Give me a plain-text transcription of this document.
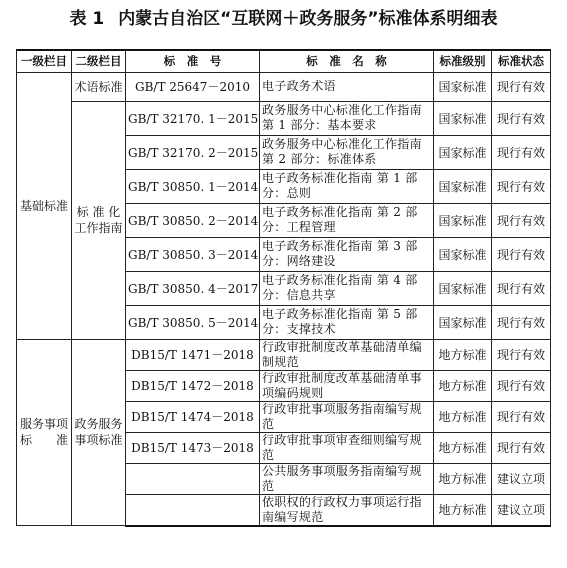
表 1 内蒙古自治区“互联网＋政务服务”标准体系明细表
一级栏目	二级栏目	标　准　号	标　准　名　称	标准级别	标准状态
基础标准	术语标准	GB/T 25647－2010	电子政务术语	国家标准	现行有效
	标 准 化工作指南	GB/T 32170. 1－2015	政务服务中心标准化工作指南 第 1 部分：基本要求	国家标准	现行有效
		GB/T 32170. 2－2015	政务服务中心标准化工作指南 第 2 部分：标准体系	国家标准	现行有效
		GB/T 30850. 1－2014	电子政务标准化指南 第 1 部分：总则	国家标准	现行有效
		GB/T 30850. 2－2014	电子政务标准化指南 第 2 部分：工程管理	国家标准	现行有效
		GB/T 30850. 3－2014	电子政务标准化指南 第 3 部分：网络建设	国家标准	现行有效
		GB/T 30850. 4－2017	电子政务标准化指南 第 4 部分：信息共享	国家标准	现行有效
		GB/T 30850. 5－2014	电子政务标准化指南 第 5 部分：支撑技术	国家标准	现行有效
服务事项标　　准	政务服务事项标准	DB15/T 1471－2018	行政审批制度改革基础清单编制规范	地方标准	现行有效
		DB15/T 1472－2018	行政审批制度改革基础清单事项编码规则	地方标准	现行有效
		DB15/T 1474－2018	行政审批事项服务指南编写规范	地方标准	现行有效
		DB15/T 1473－2018	行政审批事项审查细则编写规范	地方标准	现行有效
			公共服务事项服务指南编写规范	地方标准	建议立项
			依职权的行政权力事项运行指南编写规范	地方标准	建议立项
